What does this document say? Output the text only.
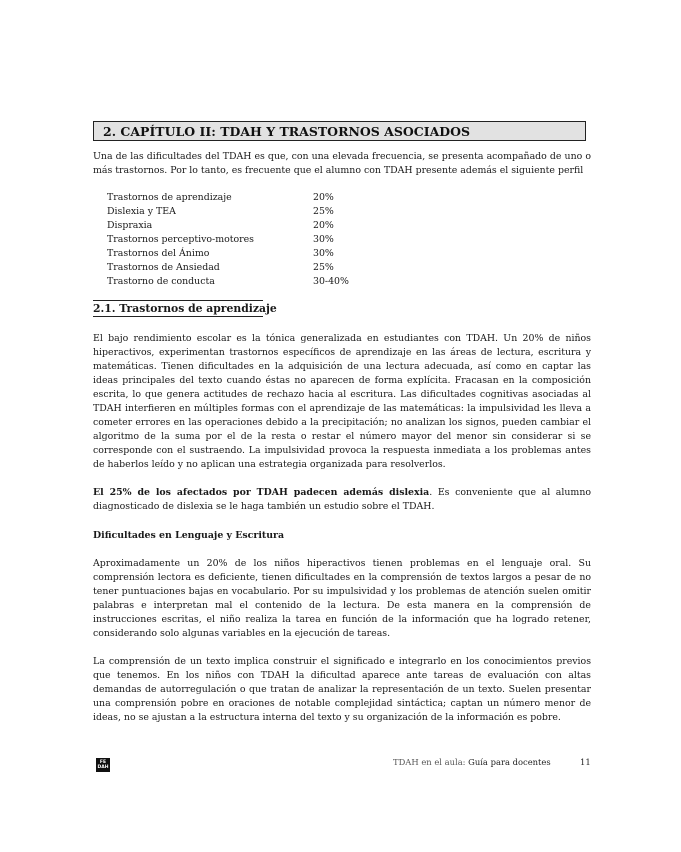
2. CAPÍTULO II: TDAH Y TRASTORNOS ASOCIADOS

Una de las dificultades del TDAH es que, con una elevada frecuencia, se presenta acompañado de uno o más trastornos. Por lo tanto, es frecuente que el alumno con TDAH presente además el siguiente perfil

Trastornos de aprendizaje	20%
Dislexia y TEA	25%
Dispraxia	20%
Trastornos perceptivo-motores	30%
Trastornos del Ánimo	30%
Trastornos de Ansiedad	25%
Trastorno de conducta	30-40%
2.1. Trastornos de aprendizaje

El bajo rendimiento escolar es la tónica generalizada en estudiantes con TDAH. Un 20% de niños hiperactivos, experimentan trastornos específicos de aprendizaje en las áreas de lectura, escritura y matemáticas. Tienen dificultades en la adquisición de una lectura adecuada, así como en captar las ideas principales del texto cuando éstas no aparecen de forma explícita. Fracasan en la composición escrita, lo que genera actitudes de rechazo hacia al escritura. Las dificultades cognitivas asociadas al TDAH interfieren en múltiples formas con el aprendizaje de las matemáticas: la impulsividad les lleva a cometer errores en las operaciones debido a la precipitación; no analizan los signos, pueden cambiar el algoritmo de la suma por el de la resta o restar el número mayor del menor sin considerar si se corresponde con el sustraendo. La impulsividad provoca la respuesta inmediata a los problemas antes de haberlos leído y no aplican una estrategia organizada para resolverlos.

El 25% de los afectados por TDAH padecen además dislexia. Es conveniente que al alumno diagnosticado de dislexia se le haga también un estudio sobre el TDAH.

Dificultades en Lenguaje y Escritura

Aproximadamente un 20% de los niños hiperactivos tienen problemas en el lenguaje oral. Su comprensión lectora es deficiente, tienen dificultades en la comprensión de textos largos a pesar de no tener puntuaciones bajas en vocabulario. Por su impulsividad y los problemas de atención suelen omitir palabras e interpretan mal el contenido de la lectura. De esta manera en la comprensión de instrucciones escritas, el niño realiza la tarea en función de la información que ha logrado retener, considerando solo algunas variables en la ejecución de tareas.

La comprensión de un texto implica construir el significado e integrarlo en los conocimientos previos que tenemos. En los niños con TDAH la dificultad aparece ante tareas de evaluación con altas demandas de autorregulación o que tratan de analizar la representación de un texto. Suelen presentar una comprensión pobre en oraciones de notable complejidad sintáctica; captan un número menor de ideas, no se ajustan a la estructura interna del texto y su organización de la información es pobre.

FE DAH
TDAH en el aula: Guía para docentes	11
